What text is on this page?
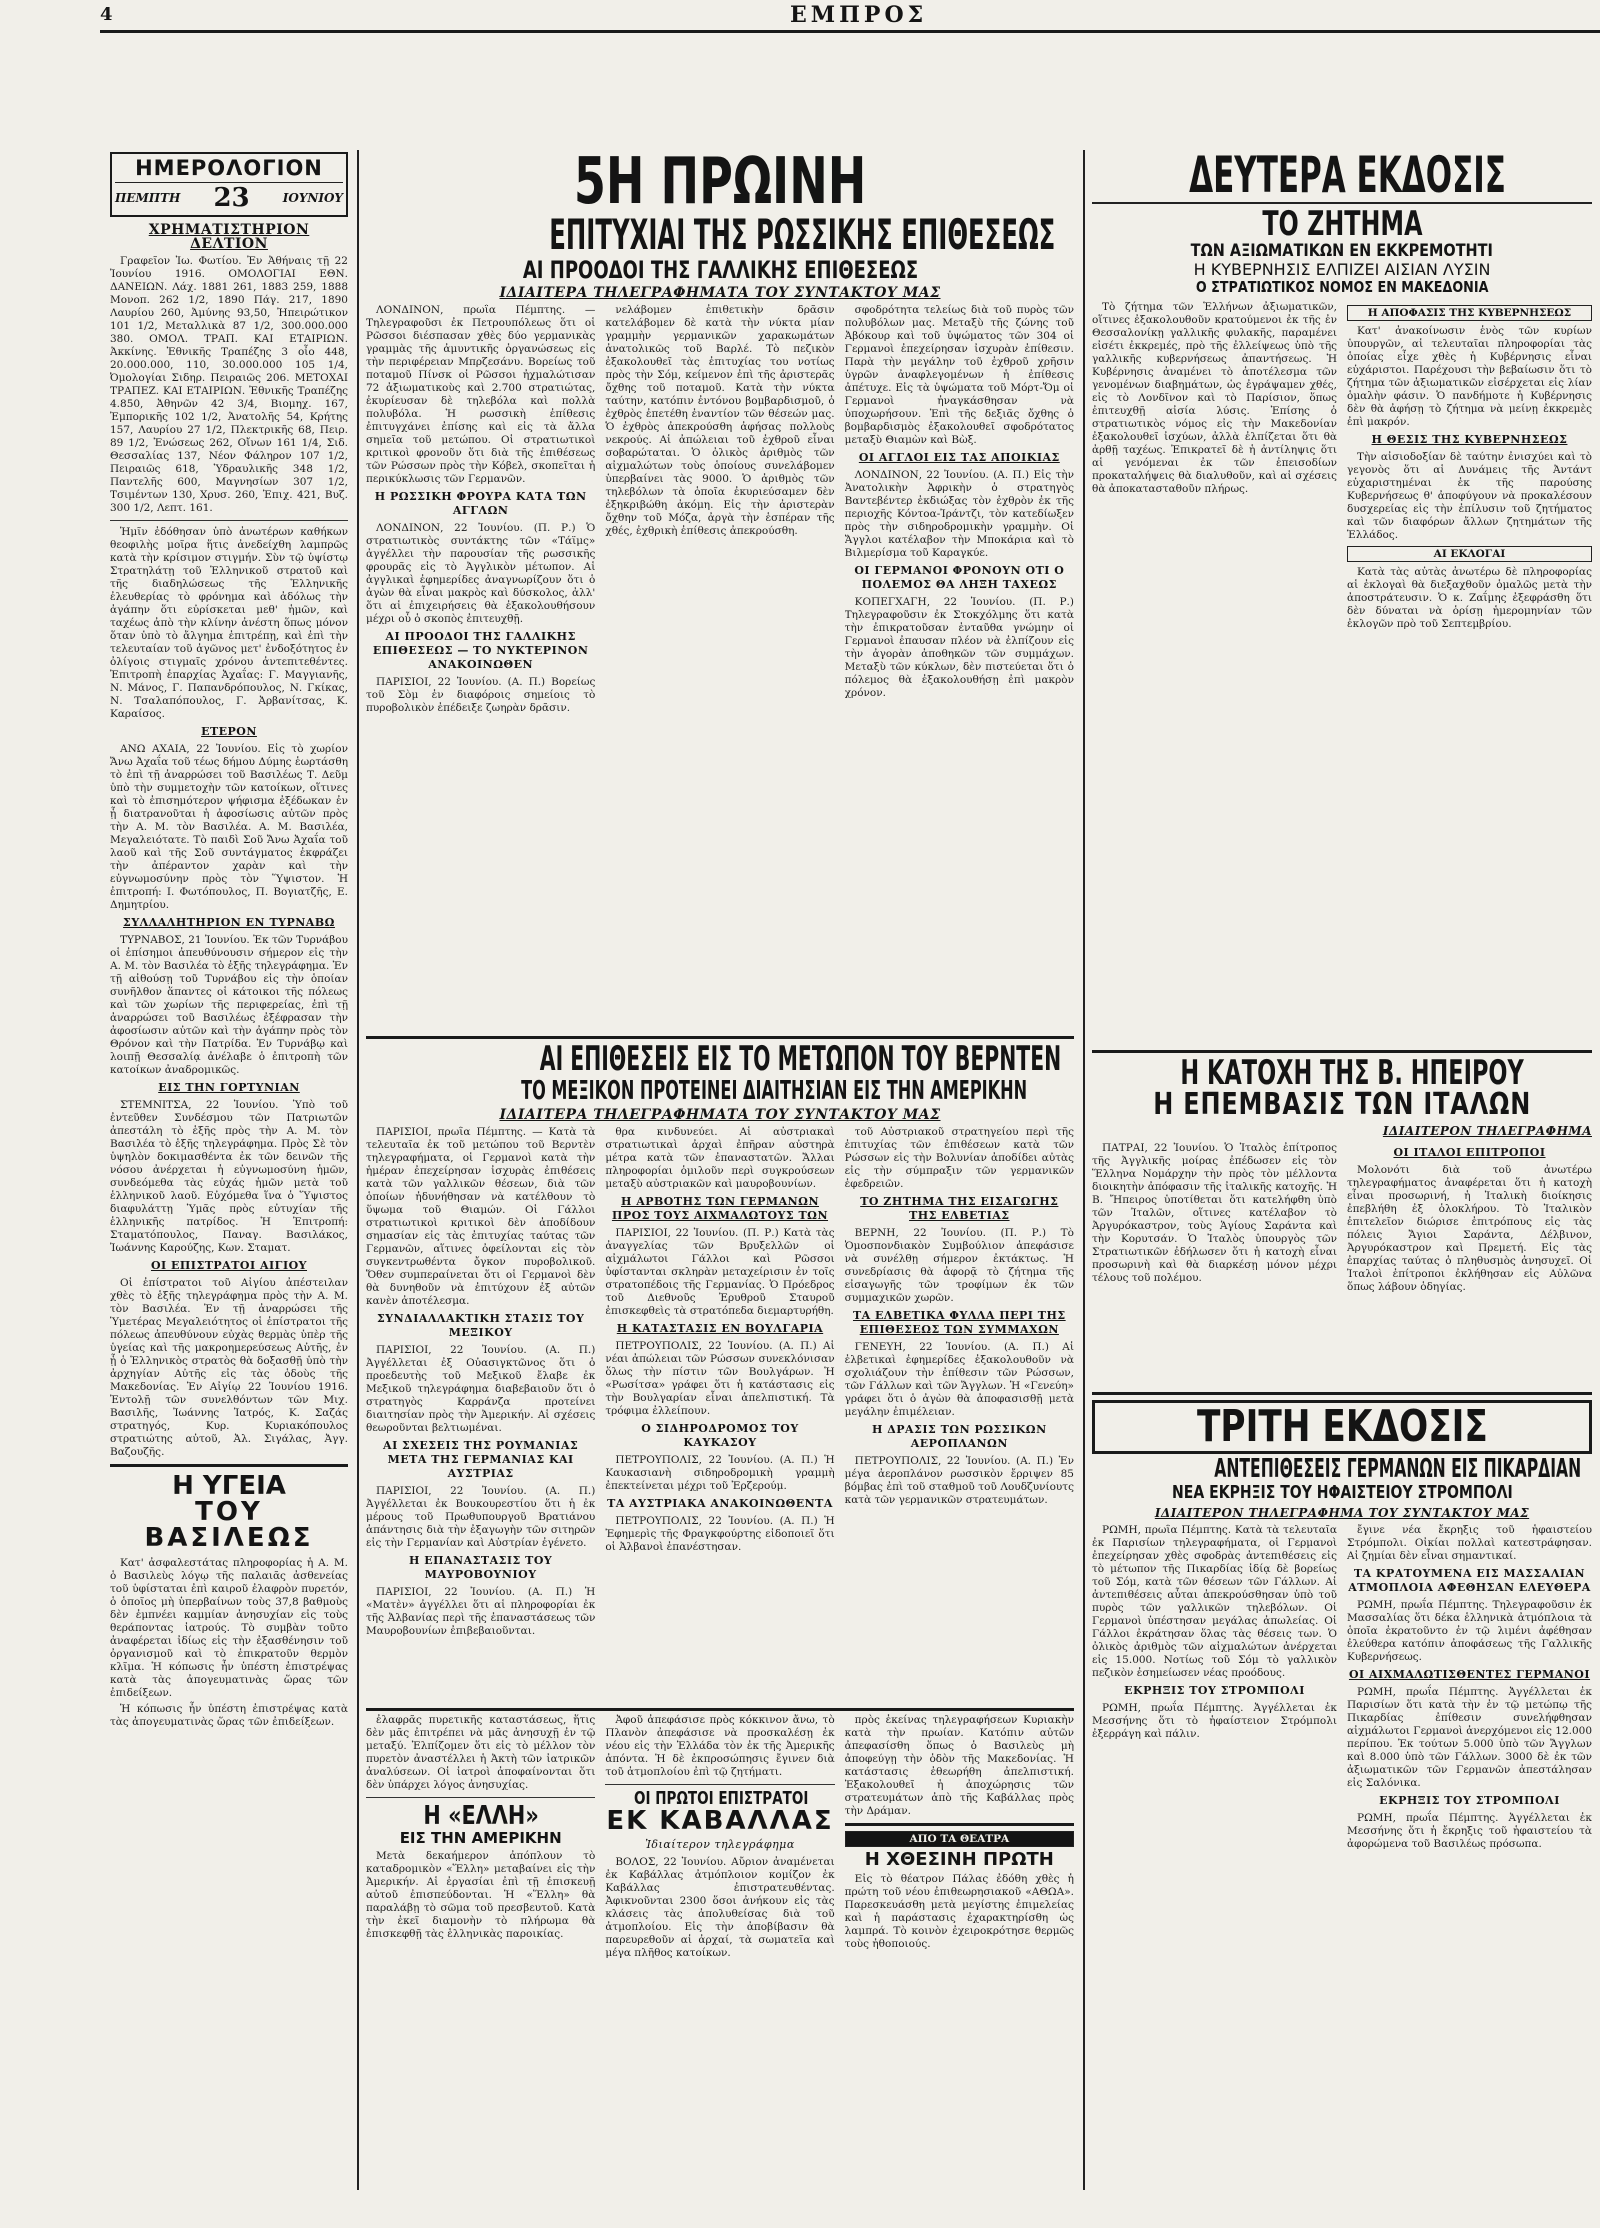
4	ΕΜΠΡΟΣ
ΗΜΕΡΟΛΟΓΙΟΝ
ΠΕΜΠΤΗ 23	ΙΟΥΝΙΟΥ
ΧΡΗΜΑΤΙΣΤΗΡΙΟΝ ΔΕΛΤΙΟΝ

Γραφεῖον Ἰω. Φωτίου. Ἐν Ἀθήναις τῇ 22 Ἰουνίου 1916. ΟΜΟΛΟΓΙΑΙ ΕΘΝ. ΔΑΝΕΙΩΝ. Λάχ. 1881 261, 1883 259, 1888 Μονοπ. 262 1/2, 1890 Πάγ. 217, 1890 Λαυρίου 260, Ἀμύνης 93,50, Ἠπειρώτικον 101 1/2, Μεταλλικὰ 87 1/2, 300.000.000 380. ΟΜΟΛ. ΤΡΑΠ. ΚΑΙ ΕΤΑΙΡΙΩΝ. Ἀκκίνης. Ἐθνικῆς Τραπέζης 3 οἶο 448, 20.000.000, 110, 30.000.000 105 1/4, Ὀμολογίαι Σιδηρ. Πειραιῶς 206. ΜΕΤΟΧΑΙ ΤΡΑΠΕΖ. ΚΑΙ ΕΤΑΙΡΙΩΝ. Ἐθνικῆς Τραπέζης 4.850, Ἀθηνῶν 42 3/4, Βιομηχ. 167, Ἐμπορικῆς 102 1/2, Ἀνατολῆς 54, Κρήτης 157, Λαυρίου 27 1/2, Πλεκτρικῆς 68, Πειρ. 89 1/2, Ἐνώσεως 262, Οἴνων 161 1/4, Σιδ. Θεσσαλίας 137, Νέον Φάληρον 107 1/2, Πειραιῶς 618, Ὑδραυλικῆς 348 1/2, Παντελῆς 600, Μαγνησίων 307 1/2, Τσιμέντων 130, Χρυσ. 260, Ἐπιχ. 421, Βυζ. 300 1/2, Λεπτ. 161.

Ἡμῖν ἐδόθησαν ὑπὸ ἀνωτέρων καθήκων θεοφιλὴς μοῖρα ἥτις ἀνεδείχθη λαμπρῶς κατὰ τὴν κρίσιμον στιγμήν. Σὺν τῷ ὑψίστῳ Στρατηλάτῃ τοῦ Ἑλληνικοῦ στρατοῦ καὶ τῆς διαδηλώσεως τῆς Ἑλληνικῆς ἐλευθερίας τὸ φρόνημα καὶ ἀδόλως τὴν ἀγάπην ὅτι εὐρίσκεται μεθ' ἡμῶν, καὶ ταχέως ἀπὸ τὴν κλίνην ἀνέστη ὅπως μόνον ὅταν ὑπὸ τὸ ἄλγημα ἐπιτρέπῃ, καὶ ἐπὶ τὴν τελευταίαν τοῦ ἀγῶνος μετ' ἐνδοξότητος ἐν ὀλίγοις στιγμαῖς χρόνου ἀντεπιτεθέντες. Ἐπιτροπὴ ἐπαρχίας Ἀχαΐας: Γ. Μαγγιανῆς, Ν. Μάνος, Γ. Παπανδρόπουλος, Ν. Γκίκας, Ν. Τσαλαπόπουλος, Γ. Ἀρβανίτσας, Κ. Καραίσος.

ΕΤΕΡΟΝ

ΑΝΩ ΑΧΑΙΑ, 22 Ἰουνίου. Εἰς τὸ χωρίον Ἄνω Ἀχαΐα τοῦ τέως δήμου Δύμης ἑωρτάσθη τὸ ἐπὶ τῇ ἀναρρώσει τοῦ Βασιλέως Τ. Δεῦμ ὑπὸ τὴν συμμετοχὴν τῶν κατοίκων, οἵτινες καὶ τὸ ἐπισημότερον ψήφισμα ἐξέδωκαν ἐν ᾗ διατρανοῦται ἡ ἀφοσίωσις αὐτῶν πρὸς τὴν Α. Μ. τὸν Βασιλέα. Α. Μ. Βασιλέα, Μεγαλειότατε. Τὸ παιδὶ Σοῦ Ἄνω Ἀχαΐα τοῦ λαοῦ καὶ τῆς Σοῦ συντάγματος ἐκφράζει τὴν ἀπέραντον χαρὰν καὶ τὴν εὐγνωμοσύνην πρὸς τὸν Ὕψιστον. Ἡ ἐπιτροπή: Ι. Φωτόπουλος, Π. Βογιατζῆς, Ε. Δημητρίου.

ΣΥΛΛΑΛΗΤΗΡΙΟΝ ΕΝ ΤΥΡΝΑΒΩ

ΤΥΡΝΑΒΟΣ, 21 Ἰουνίου. Ἐκ τῶν Τυρνάβου οἱ ἐπίσημοι ἀπευθύνουσιν σήμερον εἰς τὴν Α. Μ. τὸν Βασιλέα τὸ ἑξῆς τηλεγράφημα. Ἐν τῇ αἰθούσῃ τοῦ Τυρνάβου εἰς τὴν ὁποίαν συνῆλθον ἅπαντες οἱ κάτοικοι τῆς πόλεως καὶ τῶν χωρίων τῆς περιφερείας, ἐπὶ τῇ ἀναρρώσει τοῦ Βασιλέως ἐξέφρασαν τὴν ἀφοσίωσιν αὐτῶν καὶ τὴν ἀγάπην πρὸς τὸν Θρόνον καὶ τὴν Πατρίδα. Ἐν Τυρνάβῳ καὶ λοιπῇ Θεσσαλίᾳ ἀνέλαβε ὁ ἐπιτροπὴ τῶν κατοίκων ἀναδρομικῶς.

ΕΙΣ ΤΗΝ ΓΟΡΤΥΝΙΑΝ

ΣΤΕΜΝΙΤΣΑ, 22 Ἰουνίου. Ὑπὸ τοῦ ἐντεῦθεν Συνδέσμου τῶν Πατριωτῶν ἀπεστάλη τὸ ἑξῆς πρὸς τὴν Α. Μ. τὸν Βασιλέα τὸ ἑξῆς τηλεγράφημα. Πρὸς Σὲ τὸν ὑψηλὸν δοκιμασθέντα ἐκ τῶν δεινῶν τῆς νόσου ἀνέρχεται ἡ εὐγνωμοσύνη ἡμῶν, συνδεόμεθα τὰς εὐχάς ἡμῶν μετὰ τοῦ ἑλληνικοῦ λαοῦ. Εὐχόμεθα ἵνα ὁ Ὕψιστος διαφυλάττῃ Ὑμᾶς πρὸς εὐτυχίαν τῆς ἑλληνικῆς πατρίδος. Ἡ Ἐπιτροπή: Σταματόπουλος, Παναγ. Βασιλάκος, Ἰωάννης Καρούζης, Κων. Σταματ.

ΟΙ ΕΠΙΣΤΡΑΤΟΙ ΑΙΓΙΟΥ

Οἱ ἐπίστρατοι τοῦ Αἰγίου ἀπέστειλαν χθὲς τὸ ἑξῆς τηλεγράφημα πρὸς τὴν Α. Μ. τὸν Βασιλέα. Ἐν τῇ ἀναρρώσει τῆς Ὑμετέρας Μεγαλειότητος οἱ ἐπίστρατοι τῆς πόλεως ἀπευθύνουν εὐχὰς θερμὰς ὑπὲρ τῆς ὑγείας καὶ τῆς μακροημερεύσεως Αὐτῆς, ἐν ᾗ ὁ Ἑλληνικὸς στρατὸς θὰ δοξασθῇ ὑπὸ τὴν ἀρχηγίαν Αὐτῆς εἰς τὰς ὁδοὺς τῆς Μακεδονίας. Ἐν Αἰγίῳ 22 Ἰουνίου 1916. Ἐντολῇ τῶν συνελθόντων τῶν Μιχ. Βασιλῆς, Ἰωάννης Ἰατρός, Κ. Σαζάς στρατηγός, Κυρ. Κυριακόπουλος στρατιώτης αὐτοῦ, Ἀλ. Σιγάλας, Ἀγγ. Βαζουζῆς.

Η ΥΓΕΙΑ
ΤΟΥ ΒΑΣΙΛΕΩΣ

Κατ' ἀσφαλεστάτας πληροφορίας ἡ Α. Μ. ὁ Βασιλεὺς λόγῳ τῆς παλαιᾶς ἀσθενείας τοῦ ὑφίσταται ἐπὶ καιροῦ ἐλαφρὸν πυρετόν, ὁ ὁποῖος μὴ ὑπερβαίνων τοὺς 37,8 βαθμοὺς δὲν ἐμπνέει καμμίαν ἀνησυχίαν εἰς τοὺς θεράποντας ἰατρούς. Τὸ συμβὰν τοῦτο ἀναφέρεται ἰδίως εἰς τὴν ἐξασθένησιν τοῦ ὀργανισμοῦ καὶ τὸ ἐπικρατοῦν θερμὸν κλῖμα. Ἡ κόπωσις ἦν ὑπέστη ἐπιστρέψας κατὰ τὰς ἀπογευματινὰς ὥρας τῶν ἐπιδείξεων.

Ἡ κόπωσις ἦν ὑπέστη ἐπιστρέψας κατὰ τὰς ἀπογευματινὰς ὥρας τῶν ἐπιδείξεων.

5Η ΠΡΩΙΝΗ
ΕΠΙΤΥΧΙΑΙ ΤΗΣ ΡΩΣΣΙΚΗΣ ΕΠΙΘΕΣΕΩΣ
ΑΙ ΠΡΟΟΔΟΙ ΤΗΣ ΓΑΛΛΙΚΗΣ ΕΠΙΘΕΣΕΩΣ
ΙΔΙΑΙΤΕΡΑ ΤΗΛΕΓΡΑΦΗΜΑΤΑ ΤΟΥ ΣΥΝΤΑΚΤΟΥ ΜΑΣ

ΛΟΝΔΙΝΟΝ, πρωΐα Πέμπτης. — Τηλεγραφοῦσι ἐκ Πετρουπόλεως ὅτι οἱ Ρῶσσοι διέσπασαν χθὲς δύο γερμανικὰς γραμμὰς τῆς ἀμυντικῆς ὀργανώσεως εἰς τὴν περιφέρειαν Μπρζεσάνυ. Βορείως τοῦ ποταμοῦ Πίνσκ οἱ Ρῶσσοι ἠχμαλώτισαν 72 ἀξιωματικοὺς καὶ 2.700 στρατιώτας, ἐκυρίευσαν δὲ τηλεβόλα καὶ πολλὰ πολυβόλα. Ἡ ρωσσικὴ ἐπίθεσις ἐπιτυγχάνει ἐπίσης καὶ εἰς τὰ ἄλλα σημεῖα τοῦ μετώπου. Οἱ στρατιωτικοὶ κριτικοὶ φρονοῦν ὅτι διὰ τῆς ἐπιθέσεως τῶν Ρώσσων πρὸς τὴν Κόβελ, σκοπεῖται ἡ περικύκλωσις τῶν Γερμανῶν.

Η ΡΩΣΣΙΚΗ ΦΡΟΥΡΑ ΚΑΤΑ ΤΩΝ ΑΓΓΛΩΝ

ΛΟΝΔΙΝΟΝ, 22 Ἰουνίου. (Π. Ρ.) Ὁ στρατιωτικὸς συντάκτης τῶν «Τάϊμς» ἀγγέλλει τὴν παρουσίαν τῆς ρωσσικῆς φρουρᾶς εἰς τὸ Ἀγγλικὸν μέτωπον. Αἱ ἀγγλικαὶ ἐφημερίδες ἀναγνωρίζουν ὅτι ὁ ἀγὼν θὰ εἶναι μακρὸς καὶ δύσκολος, ἀλλ' ὅτι αἱ ἐπιχειρήσεις θὰ ἐξακολουθήσουν μέχρι οὗ ὁ σκοπὸς ἐπιτευχθῇ.

ΑΙ ΠΡΟΟΔΟΙ ΤΗΣ ΓΑΛΛΙΚΗΣ ΕΠΙΘΕΣΕΩΣ — ΤΟ ΝΥΚΤΕΡΙΝΟΝ ΑΝΑΚΟΙΝΩΘΕΝ

ΠΑΡΙΣΙΟΙ, 22 Ἰουνίου. (Α. Π.) Βορείως τοῦ Σὸμ ἐν διαφόροις σημείοις τὸ πυροβολικὸν ἐπέδειξε ζωηρὰν δρᾶσιν.

νελάβομεν ἐπιθετικὴν δρᾶσιν κατελάβομεν δὲ κατὰ τὴν νύκτα μίαν γραμμὴν γερμανικῶν χαρακωμάτων ἀνατολικῶς τοῦ Βαρλέ. Τὸ πεζικὸν ἐξακολουθεῖ τὰς ἐπιτυχίας του νοτίως πρὸς τὴν Σόμ, κείμενον ἐπὶ τῆς ἀριστερᾶς ὄχθης τοῦ ποταμοῦ. Κατὰ τὴν νύκτα ταύτην, κατόπιν ἐντόνου βομβαρδισμοῦ, ὁ ἐχθρὸς ἐπετέθη ἐναντίον τῶν θέσεών μας. Ὁ ἐχθρὸς ἀπεκρούσθη ἀφήσας πολλοὺς νεκρούς. Αἱ ἀπώλειαι τοῦ ἐχθροῦ εἶναι σοβαρώταται. Ὁ ὀλικὸς ἀριθμὸς τῶν αἰχμαλώτων τοὺς ὁποίους συνελάβομεν ὑπερβαίνει τὰς 9000. Ὁ ἀριθμὸς τῶν τηλεβόλων τὰ ὁποῖα ἐκυριεύσαμεν δὲν ἐξηκριβώθη ἀκόμη. Εἰς τὴν ἀριστερὰν ὄχθην τοῦ Μόζα, ἀργὰ τὴν ἑσπέραν τῆς χθές, ἐχθρικὴ ἐπίθεσις ἀπεκρούσθη.

σφοδρότητα τελείως διὰ τοῦ πυρὸς τῶν πολυβόλων μας. Μεταξὺ τῆς ζώνης τοῦ Ἀβόκουρ καὶ τοῦ ὑψώματος τῶν 304 οἱ Γερμανοὶ ἐπεχείρησαν ἰσχυρὰν ἐπίθεσιν. Παρὰ τὴν μεγάλην τοῦ ἐχθροῦ χρῆσιν ὑγρῶν ἀναφλεγομένων ἡ ἐπίθεσις ἀπέτυχε. Εἰς τὰ ὑψώματα τοῦ Μόρτ-Ὄμ οἱ Γερμανοὶ ἠναγκάσθησαν νὰ ὑποχωρήσουν. Ἐπὶ τῆς δεξιᾶς ὄχθης ὁ βομβαρδισμὸς ἐξακολουθεῖ σφοδρότατος μεταξὺ Θιαμὼν καὶ Βὼξ.

ΟΙ ΑΓΓΛΟΙ ΕΙΣ ΤΑΣ ΑΠΟΙΚΙΑΣ

ΛΟΝΔΙΝΟΝ, 22 Ἰουνίου. (Α. Π.) Εἰς τὴν Ἀνατολικὴν Ἀφρικὴν ὁ στρατηγὸς Βαντεβέντερ ἐκδιώξας τὸν ἐχθρὸν ἐκ τῆς περιοχῆς Κόντοα-Ἰράντζι, τὸν κατεδίωξεν πρὸς τὴν σιδηροδρομικὴν γραμμὴν. Οἱ Ἄγγλοι κατέλαβον τὴν Μποκάρια καὶ τὸ Βιλμερίσμα τοῦ Καραγκύε.

ΟΙ ΓΕΡΜΑΝΟΙ ΦΡΟΝΟΥΝ ΟΤΙ Ο ΠΟΛΕΜΟΣ ΘΑ ΛΗΞΗ ΤΑΧΕΩΣ

ΚΟΠΕΓΧΑΓΗ, 22 Ἰουνίου. (Π. Ρ.) Τηλεγραφοῦσιν ἐκ Στοκχόλμης ὅτι κατὰ τὴν ἐπικρατοῦσαν ἐνταῦθα γνώμην οἱ Γερμανοὶ ἐπαυσαν πλέον νὰ ἐλπίζουν εἰς τὴν ἀγορὰν ἀποθηκῶν τῶν συμμάχων. Μεταξὺ τῶν κύκλων, δὲν πιστεύεται ὅτι ὁ πόλεμος θὰ ἐξακολουθήσῃ ἐπὶ μακρὸν χρόνον.

ΑΙ ΕΠΙΘΕΣΕΙΣ ΕΙΣ ΤΟ ΜΕΤΩΠΟΝ ΤΟΥ ΒΕΡΝΤΕΝ
ΤΟ ΜΕΞΙΚΟΝ ΠΡΟΤΕΙΝΕΙ ΔΙΑΙΤΗΣΙΑΝ ΕΙΣ ΤΗΝ ΑΜΕΡΙΚΗΝ
ΙΔΙΑΙΤΕΡΑ ΤΗΛΕΓΡΑΦΗΜΑΤΑ ΤΟΥ ΣΥΝΤΑΚΤΟΥ ΜΑΣ

ΠΑΡΙΣΙΟΙ, πρωΐα Πέμπτης. — Κατὰ τὰ τελευταῖα ἐκ τοῦ μετώπου τοῦ Βερντὲν τηλεγραφήματα, οἱ Γερμανοὶ κατὰ τὴν ἡμέραν ἐπεχείρησαν ἰσχυρὰς ἐπιθέσεις κατὰ τῶν γαλλικῶν θέσεων, διὰ τῶν ὁποίων ἠδυνήθησαν νὰ κατέλθουν τὸ ὕψωμα τοῦ Θιαμών. Οἱ Γάλλοι στρατιωτικοὶ κριτικοὶ δὲν ἀποδίδουν σημασίαν εἰς τὰς ἐπιτυχίας ταύτας τῶν Γερμανῶν, αἵτινες ὀφείλονται εἰς τὸν συγκεντρωθέντα ὄγκον πυροβολικοῦ. Ὅθεν συμπεραίνεται ὅτι οἱ Γερμανοὶ δὲν θὰ δυνηθοῦν νὰ ἐπιτύχουν ἐξ αὐτῶν κανὲν ἀποτέλεσμα.

ΣΥΝΔΙΑΛΛΑΚΤΙΚΗ ΣΤΑΣΙΣ ΤΟΥ ΜΕΞΙΚΟΥ

ΠΑΡΙΣΙΟΙ, 22 Ἰουνίου. (Α. Π.) Ἀγγέλλεται ἐξ Οὐασιγκτῶνος ὅτι ὁ προεδευτὴς τοῦ Μεξικοῦ ἔλαβε ἐκ Μεξικοῦ τηλεγράφημα διαβεβαιοῦν ὅτι ὁ στρατηγὸς Καρράνζα προτείνει διαιτησίαν πρὸς τὴν Ἀμερικήν. Αἱ σχέσεις θεωροῦνται βελτιωμέναι.

ΑΙ ΣΧΕΣΕΙΣ ΤΗΣ ΡΟΥΜΑΝΙΑΣ ΜΕΤΑ ΤΗΣ ΓΕΡΜΑΝΙΑΣ ΚΑΙ ΑΥΣΤΡΙΑΣ

ΠΑΡΙΣΙΟΙ, 22 Ἰουνίου. (Α. Π.) Ἀγγέλλεται ἐκ Βουκουρεστίου ὅτι ἡ ἐκ μέρους τοῦ Πρωθυπουργοῦ Βρατιάνου ἀπάντησις διὰ τὴν ἐξαγωγὴν τῶν σιτηρῶν εἰς τὴν Γερμανίαν καὶ Αὐστρίαν ἐγένετο.

Η ΕΠΑΝΑΣΤΑΣΙΣ ΤΟΥ ΜΑΥΡΟΒΟΥΝΙΟΥ

ΠΑΡΙΣΙΟΙ, 22 Ἰουνίου. (Α. Π.) Ἡ «Ματὲν» ἀγγέλλει ὅτι αἱ πληροφορίαι ἐκ τῆς Ἀλβανίας περὶ τῆς ἐπαναστάσεως τῶν Μαυροβουνίων ἐπιβεβαιοῦνται.

θρα κινδυνεύει. Αἱ αὐστριακαὶ στρατιωτικαὶ ἀρχαὶ ἐπῆραν αὐστηρὰ μέτρα κατὰ τῶν ἐπαναστατῶν. Ἄλλαι πληροφορίαι ὁμιλοῦν περὶ συγκρούσεων μεταξὺ αὐστριακῶν καὶ μαυροβουνίων.

Η ΑΡΒΟΤΗΣ ΤΩΝ ΓΕΡΜΑΝΩΝ ΠΡΟΣ ΤΟΥΣ ΑΙΧΜΑΛΩΤΟΥΣ ΤΩΝ

ΠΑΡΙΣΙΟΙ, 22 Ἰουνίου. (Π. Ρ.) Κατὰ τὰς ἀναγγελίας τῶν Βρυξελλῶν οἱ αἰχμάλωτοι Γάλλοι καὶ Ρῶσσοι ὑφίστανται σκληρὰν μεταχείρισιν ἐν τοῖς στρατοπέδοις τῆς Γερμανίας. Ὁ Πρόεδρος τοῦ Διεθνοῦς Ἐρυθροῦ Σταυροῦ ἐπισκεφθεὶς τὰ στρατόπεδα διεμαρτυρήθη.

Η ΚΑΤΑΣΤΑΣΙΣ ΕΝ ΒΟΥΛΓΑΡΙΑ

ΠΕΤΡΟΥΠΟΛΙΣ, 22 Ἰουνίου. (Α. Π.) Αἱ νέαι ἀπώλειαι τῶν Ρώσσων συνεκλόνισαν ὅλως τὴν πίστιν τῶν Βουλγάρων. Ἡ «Ρωσίτσα» γράφει ὅτι ἡ κατάστασις εἰς τὴν Βουλγαρίαν εἶναι ἀπελπιστική. Τὰ τρόφιμα ἐλλείπουν.

Ο ΣΙΔΗΡΟΔΡΟΜΟΣ ΤΟΥ ΚΑΥΚΑΣΟΥ

ΠΕΤΡΟΥΠΟΛΙΣ, 22 Ἰουνίου. (Α. Π.) Ἡ Καυκασιανὴ σιδηροδρομικὴ γραμμὴ ἐπεκτείνεται μέχρι τοῦ Ἐρζερούμ.

ΤΑ ΑΥΣΤΡΙΑΚΑ ΑΝΑΚΟΙΝΩΘΕΝΤΑ

ΠΕΤΡΟΥΠΟΛΙΣ, 22 Ἰουνίου. (Α. Π.) Ἡ Ἐφημερὶς τῆς Φραγκφούρτης εἰδοποιεῖ ὅτι οἱ Ἀλβανοὶ ἐπανέστησαν.

τοῦ Αὐστριακοῦ στρατηγείου περὶ τῆς ἐπιτυχίας τῶν ἐπιθέσεων κατὰ τῶν Ρώσσων εἰς τὴν Βολυνίαν ἀποδίδει αὐτὰς εἰς τὴν σύμπραξιν τῶν γερμανικῶν ἐφεδρειῶν.

ΤΟ ΖΗΤΗΜΑ ΤΗΣ ΕΙΣΑΓΩΓΗΣ ΤΗΣ ΕΛΒΕΤΙΑΣ

ΒΕΡΝΗ, 22 Ἰουνίου. (Π. Ρ.) Τὸ Ὁμοσπονδιακὸν Συμβούλιον ἀπεφάσισε νὰ συνέλθῃ σήμερον ἐκτάκτως. Ἡ συνεδρίασις θὰ ἀφορᾷ τὸ ζήτημα τῆς εἰσαγωγῆς τῶν τροφίμων ἐκ τῶν συμμαχικῶν χωρῶν.

ΤΑ ΕΛΒΕΤΙΚΑ ΦΥΛΛΑ ΠΕΡΙ ΤΗΣ ΕΠΙΘΕΣΕΩΣ ΤΩΝ ΣΥΜΜΑΧΩΝ

ΓΕΝΕΥΗ, 22 Ἰουνίου. (Α. Π.) Αἱ ἐλβετικαὶ ἐφημερίδες ἐξακολουθοῦν νὰ σχολιάζουν τὴν ἐπίθεσιν τῶν Ρώσσων, τῶν Γάλλων καὶ τῶν Ἄγγλων. Ἡ «Γενεύη» γράφει ὅτι ὁ ἀγὼν θὰ ἀποφασισθῇ μετὰ μεγάλην ἐπιμέλειαν.

Η ΔΡΑΣΙΣ ΤΩΝ ΡΩΣΣΙΚΩΝ ΑΕΡΟΠΛΑΝΩΝ

ΠΕΤΡΟΥΠΟΛΙΣ, 22 Ἰουνίου. (Α. Π.) Ἐν μέγα ἀεροπλάνον ρωσσικὸν ἔρριψεν 85 βόμβας ἐπὶ τοῦ σταθμοῦ τοῦ Λουδζυνίουτς κατὰ τῶν γερμανικῶν στρατευμάτων.

ἐλαφρᾶς πυρετικῆς καταστάσεως, ἥτις δὲν μᾶς ἐπιτρέπει νὰ μᾶς ἀνησυχῇ ἐν τῷ μεταξύ. Ἐλπίζομεν ὅτι εἰς τὸ μέλλον τὸν πυρετὸν ἀναστέλλει ἡ Ἀκτὴ τῶν ἰατρικῶν ἀναλύσεων. Οἱ ἰατροὶ ἀποφαίνονται ὅτι δὲν ὑπάρχει λόγος ἀνησυχίας.

Η «ΕΛΛΗ»
ΕΙΣ ΤΗΝ ΑΜΕΡΙΚΗΝ

Μετὰ δεκαήμερον ἀπόπλουν τὸ καταδρομικὸν «Ἕλλη» μεταβαίνει εἰς τὴν Ἀμερικήν. Αἱ ἐργασίαι ἐπὶ τῇ ἐπισκευῇ αὐτοῦ ἐπισπεύδονται. Ἡ «Ἕλλη» θὰ παραλάβῃ τὸ σῶμα τοῦ πρεσβευτοῦ. Κατὰ τὴν ἐκεῖ διαμονὴν τὸ πλήρωμα θὰ ἐπισκεφθῇ τὰς ἑλληνικὰς παροικίας.

Ἀφοῦ ἀπεφάσισε πρὸς κόκκινον ἄνω, τὸ Πλανὸν ἀπεφάσισε νὰ προσκαλέσῃ ἐκ νέου εἰς τὴν Ἑλλάδα τὸν ἐκ τῆς Ἀμερικῆς ἀπόντα. Ἡ δὲ ἐκπροσώπησις ἔγινεν διὰ τοῦ ἀτμοπλοίου ἐπὶ τῷ ζητήματι.

ΟΙ ΠΡΩΤΟΙ ΕΠΙΣΤΡΑΤΟΙ
ΕΚ ΚΑΒΑΛΛΑΣ
Ἰδιαίτερον τηλεγράφημα

ΒΟΛΟΣ, 22 Ἰουνίου. Αὔριον ἀναμένεται ἐκ Καβάλλας ἀτμόπλοιον κομίζον ἐκ Καβάλλας ἐπιστρατευθέντας. Ἀφικνοῦνται 2300 ὅσοι ἀνήκουν εἰς τὰς κλάσεις τὰς ἀπολυθείσας διὰ τοῦ ἀτμοπλοίου. Εἰς τὴν ἀποβίβασιν θὰ παρευρεθοῦν αἱ ἀρχαί, τὰ σωματεῖα καὶ μέγα πλῆθος κατοίκων.

πρὸς ἐκείνας τηλεγραφήσεων Κυριακὴν κατὰ τὴν πρωίαν. Κατόπιν αὐτῶν ἀπεφασίσθη ὅπως ὁ Βασιλεὺς μὴ ἀποφεύγῃ τὴν ὁδὸν τῆς Μακεδονίας. Ἡ κατάστασις ἐθεωρήθη ἀπελπιστική. Ἐξακολουθεῖ ἡ ἀποχώρησις τῶν στρατευμάτων ἀπὸ τῆς Καβάλλας πρὸς τὴν Δράμαν.

ΑΠΟ ΤΑ ΘΕΑΤΡΑ
Η ΧΘΕΣΙΝΗ ΠΡΩΤΗ

Εἰς τὸ θέατρον Πάλας ἐδόθη χθὲς ἡ πρώτη τοῦ νέου ἐπιθεωρησιακοῦ «ΑΘΩΑ». Παρεσκευάσθη μετὰ μεγίστης ἐπιμελείας καὶ ἡ παράστασις ἐχαρακτηρίσθη ὡς λαμπρά. Τὸ κοινὸν ἐχειροκρότησε θερμῶς τοὺς ἠθοποιούς.

ΔΕΥΤΕΡΑ ΕΚΔΟΣΙΣ
ΤΟ ΖΗΤΗΜΑ
ΤΩΝ ΑΞΙΩΜΑΤΙΚΩΝ ΕΝ ΕΚΚΡΕΜΟΤΗΤΙ
Η ΚΥΒΕΡΝΗΣΙΣ ΕΛΠΙΖΕΙ ΑΙΣΙΑΝ ΛΥΣΙΝ
Ο ΣΤΡΑΤΙΩΤΙΚΟΣ ΝΟΜΟΣ ΕΝ ΜΑΚΕΔΟΝΙΑ

Τὸ ζήτημα τῶν Ἑλλήνων ἀξιωματικῶν, οἵτινες ἐξακολουθοῦν κρατούμενοι ἐκ τῆς ἐν Θεσσαλονίκῃ γαλλικῆς φυλακῆς, παραμένει εἰσέτι ἐκκρεμές, πρὸ τῆς ἐλλείψεως ὑπὸ τῆς γαλλικῆς κυβερνήσεως ἀπαντήσεως. Ἡ Κυβέρνησις ἀναμένει τὸ ἀποτέλεσμα τῶν γενομένων διαβημάτων, ὡς ἐγράψαμεν χθές, εἰς τὸ Λονδῖνον καὶ τὸ Παρίσιον, ὅπως ἐπιτευχθῇ αἰσία λύσις. Ἐπίσης ὁ στρατιωτικὸς νόμος εἰς τὴν Μακεδονίαν ἐξακολουθεῖ ἰσχύων, ἀλλὰ ἐλπίζεται ὅτι θὰ ἀρθῇ ταχέως. Ἐπικρατεῖ δὲ ἡ ἀντίληψις ὅτι αἱ γενόμεναι ἐκ τῶν ἐπεισοδίων προκαταλήψεις θὰ διαλυθοῦν, καὶ αἱ σχέσεις θὰ ἀποκατασταθοῦν πλήρως.

Η ΑΠΟΦΑΣΙΣ ΤΗΣ ΚΥΒΕΡΝΗΣΕΩΣ

Κατ' ἀνακοίνωσιν ἑνὸς τῶν κυρίων ὑπουργῶν, αἱ τελευταῖαι πληροφορίαι τὰς ὁποίας εἶχε χθὲς ἡ Κυβέρνησις εἶναι εὐχάριστοι. Παρέχουσι τὴν βεβαίωσιν ὅτι τὸ ζήτημα τῶν ἀξιωματικῶν εἰσέρχεται εἰς λίαν ὁμαλὴν φάσιν. Ὁ πανδήμοτε ἡ Κυβέρνησις δὲν θὰ ἀφήσῃ τὸ ζήτημα νὰ μείνῃ ἐκκρεμὲς ἐπὶ μακρόν.

Η ΘΕΣΙΣ ΤΗΣ ΚΥΒΕΡΝΗΣΕΩΣ

Τὴν αἰσιοδοξίαν δὲ ταύτην ἐνισχύει καὶ τὸ γεγονὸς ὅτι αἱ Δυνάμεις τῆς Ἀντάντ εὐχαριστημέναι ἐκ τῆς παρούσης Κυβερνήσεως θ' ἀποφύγουν νὰ προκαλέσουν δυσχερείας εἰς τὴν ἐπίλυσιν τοῦ ζητήματος καὶ τῶν διαφόρων ἄλλων ζητημάτων τῆς Ἑλλάδος.

ΑΙ ΕΚΛΟΓΑΙ

Κατὰ τὰς αὐτὰς ἀνωτέρω δὲ πληροφορίας αἱ ἐκλογαὶ θὰ διεξαχθοῦν ὁμαλῶς μετὰ τὴν ἀποστράτευσιν. Ὁ κ. Ζαΐμης ἐξεφράσθη ὅτι δὲν δύναται νὰ ὁρίσῃ ἡμερομηνίαν τῶν ἐκλογῶν πρὸ τοῦ Σεπτεμβρίου.

Η ΚΑΤΟΧΗ ΤΗΣ Β. ΗΠΕΙΡΟΥ
Η ΕΠΕΜΒΑΣΙΣ ΤΩΝ ΙΤΑΛΩΝ
ΙΔΙΑΙΤΕΡΟΝ ΤΗΛΕΓΡΑΦΗΜΑ

ΠΑΤΡΑΙ, 22 Ἰουνίου. Ὁ Ἰταλὸς ἐπίτροπος τῆς Ἀγγλικῆς μοίρας ἐπέδωσεν εἰς τὸν Ἕλληνα Νομάρχην τὴν πρὸς τὸν μέλλοντα διοικητὴν ἀπόφασιν τῆς ἰταλικῆς κατοχῆς. Ἡ Β. Ἤπειρος ὑποτίθεται ὅτι κατελήφθη ὑπὸ τῶν Ἰταλῶν, οἵτινες κατέλαβον τὸ Ἀργυρόκαστρον, τοὺς Ἁγίους Σαράντα καὶ τὴν Κορυτσάν. Ὁ Ἰταλὸς ὑπουργὸς τῶν Στρατιωτικῶν ἐδήλωσεν ὅτι ἡ κατοχὴ εἶναι προσωρινὴ καὶ θὰ διαρκέσῃ μόνον μέχρι τέλους τοῦ πολέμου.

ΟΙ ΙΤΑΛΟΙ ΕΠΙΤΡΟΠΟΙ

Μολονότι διὰ τοῦ ἀνωτέρω τηλεγραφήματος ἀναφέρεται ὅτι ἡ κατοχὴ εἶναι προσωρινή, ἡ Ἰταλικὴ διοίκησις ἐπεβλήθη ἐξ ὁλοκλήρου. Τὸ Ἰταλικὸν ἐπιτελεῖον διώρισε ἐπιτρόπους εἰς τὰς πόλεις Ἄγιοι Σαράντα, Δέλβινον, Ἀργυρόκαστρον καὶ Πρεμετή. Εἰς τὰς ἐπαρχίας ταύτας ὁ πληθυσμὸς ἀνησυχεῖ. Οἱ Ἰταλοὶ ἐπίτροποι ἐκλήθησαν εἰς Αὐλῶνα ὅπως λάβουν ὁδηγίας.

ΤΡΙΤΗ ΕΚΔΟΣΙΣ
ΑΝΤΕΠΙΘΕΣΕΙΣ ΓΕΡΜΑΝΩΝ ΕΙΣ ΠΙΚΑΡΔΙΑΝ
ΝΕΑ ΕΚΡΗΞΙΣ ΤΟΥ ΗΦΑΙΣΤΕΙΟΥ ΣΤΡΟΜΠΟΛΙ
ΙΔΙΑΙΤΕΡΟΝ ΤΗΛΕΓΡΑΦΗΜΑ ΤΟΥ ΣΥΝΤΑΚΤΟΥ ΜΑΣ

ΡΩΜΗ, πρωΐα Πέμπτης. Κατὰ τὰ τελευταῖα ἐκ Παρισίων τηλεγραφήματα, οἱ Γερμανοὶ ἐπεχείρησαν χθὲς σφοδρὰς ἀντεπιθέσεις εἰς τὸ μέτωπον τῆς Πικαρδίας ἰδίᾳ δὲ βορείως τοῦ Σόμ, κατὰ τῶν θέσεων τῶν Γάλλων. Αἱ ἀντεπιθέσεις αὗται ἀπεκρούσθησαν ὑπὸ τοῦ πυρὸς τῶν γαλλικῶν τηλεβόλων. Οἱ Γερμανοὶ ὑπέστησαν μεγάλας ἀπωλείας. Οἱ Γάλλοι ἐκράτησαν ὅλας τὰς θέσεις των. Ὁ ὀλικὸς ἀριθμὸς τῶν αἰχμαλώτων ἀνέρχεται εἰς 15.000. Νοτίως τοῦ Σόμ τὸ γαλλικὸν πεζικὸν ἐσημείωσεν νέας προόδους.

ΕΚΡΗΞΙΣ ΤΟΥ ΣΤΡΟΜΠΟΛΙ

ΡΩΜΗ, πρωΐα Πέμπτης. Ἀγγέλλεται ἐκ Μεσσήνης ὅτι τὸ ἡφαίστειον Στρόμπολι ἐξερράγη καὶ πάλιν.

ἔγινε νέα ἔκρηξις τοῦ ἡφαιστείου Στρόμπολι. Οἰκίαι πολλαὶ κατεστράφησαν. Αἱ ζημίαι δὲν εἶναι σημαντικαί.

ΤΑ ΚΡΑΤΟΥΜΕΝΑ ΕΙΣ ΜΑΣΣΑΛΙΑΝ ΑΤΜΟΠΛΟΙΑ ΑΦΕΘΗΣΑΝ ΕΛΕΥΘΕΡΑ

ΡΩΜΗ, πρωΐα Πέμπτης. Τηλεγραφοῦσιν ἐκ Μασσαλίας ὅτι δέκα ἑλληνικὰ ἀτμόπλοια τὰ ὁποῖα ἐκρατοῦντο ἐν τῷ λιμένι ἀφέθησαν ἐλεύθερα κατόπιν ἀποφάσεως τῆς Γαλλικῆς Κυβερνήσεως.

ΟΙ ΑΙΧΜΑΛΩΤΙΣΘΕΝΤΕΣ ΓΕΡΜΑΝΟΙ

ΡΩΜΗ, πρωΐα Πέμπτης. Ἀγγέλλεται ἐκ Παρισίων ὅτι κατὰ τὴν ἐν τῷ μετώπῳ τῆς Πικαρδίας ἐπίθεσιν συνελήφθησαν αἰχμάλωτοι Γερμανοὶ ἀνερχόμενοι εἰς 12.000 περίπου. Ἐκ τούτων 5.000 ὑπὸ τῶν Ἄγγλων καὶ 8.000 ὑπὸ τῶν Γάλλων. 3000 δὲ ἐκ τῶν ἀξιωματικῶν τῶν Γερμανῶν ἀπεστάλησαν εἰς Σαλόνικα.

ΕΚΡΗΞΙΣ ΤΟΥ ΣΤΡΟΜΠΟΛΙ

ΡΩΜΗ, πρωΐα Πέμπτης. Ἀγγέλλεται ἐκ Μεσσήνης ὅτι ἡ ἔκρηξις τοῦ ἡφαιστείου τὰ ἀφορώμενα τοῦ Βασιλέως πρόσωπα.
